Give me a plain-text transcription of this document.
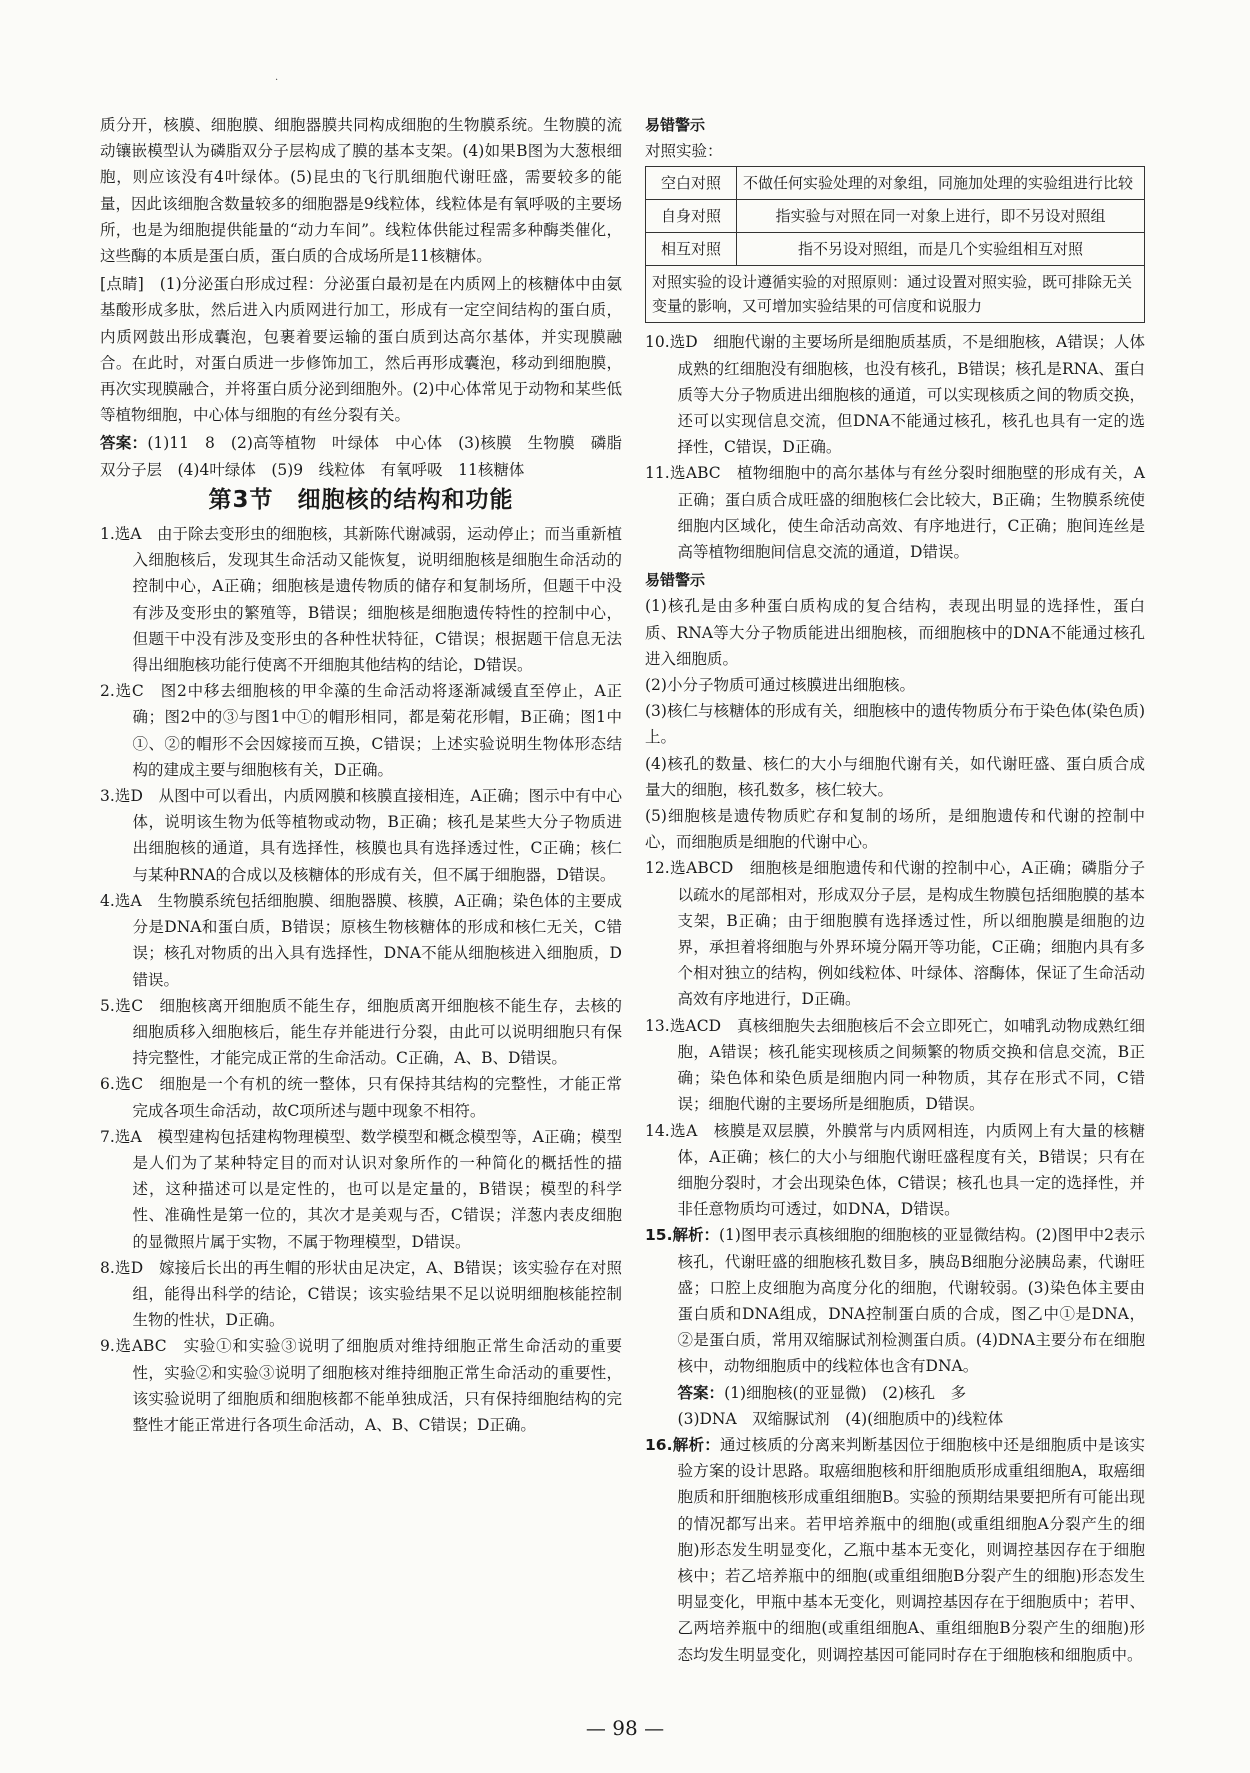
·

质分开，核膜、细胞膜、细胞器膜共同构成细胞的生物膜系统。生物膜的流动镶嵌模型认为磷脂双分子层构成了膜的基本支架。(4)如果B图为大葱根细胞，则应该没有4叶绿体。(5)昆虫的飞行肌细胞代谢旺盛，需要较多的能量，因此该细胞含数量较多的细胞器是9线粒体，线粒体是有氧呼吸的主要场所，也是为细胞提供能量的“动力车间”。线粒体供能过程需多种酶类催化，这些酶的本质是蛋白质，蛋白质的合成场所是11核糖体。

[点睛]　(1)分泌蛋白形成过程：分泌蛋白最初是在内质网上的核糖体中由氨基酸形成多肽，然后进入内质网进行加工，形成有一定空间结构的蛋白质，内质网鼓出形成囊泡，包裹着要运输的蛋白质到达高尔基体，并实现膜融合。在此时，对蛋白质进一步修饰加工，然后再形成囊泡，移动到细胞膜，再次实现膜融合，并将蛋白质分泌到细胞外。(2)中心体常见于动物和某些低等植物细胞，中心体与细胞的有丝分裂有关。

答案：(1)11　8　(2)高等植物　叶绿体　中心体　(3)核膜　生物膜　磷脂双分子层　(4)4叶绿体　(5)9　线粒体　有氧呼吸　11核糖体

第3节　细胞核的结构和功能

1.选A　由于除去变形虫的细胞核，其新陈代谢减弱，运动停止；而当重新植入细胞核后，发现其生命活动又能恢复，说明细胞核是细胞生命活动的控制中心，A正确；细胞核是遗传物质的储存和复制场所，但题干中没有涉及变形虫的繁殖等，B错误；细胞核是细胞遗传特性的控制中心，但题干中没有涉及变形虫的各种性状特征，C错误；根据题干信息无法得出细胞核功能行使离不开细胞其他结构的结论，D错误。

2.选C　图2中移去细胞核的甲伞藻的生命活动将逐渐减缓直至停止，A正确；图2中的③与图1中①的帽形相同，都是菊花形帽，B正确；图1中①、②的帽形不会因嫁接而互换，C错误；上述实验说明生物体形态结构的建成主要与细胞核有关，D正确。

3.选D　从图中可以看出，内质网膜和核膜直接相连，A正确；图示中有中心体，说明该生物为低等植物或动物，B正确；核孔是某些大分子物质进出细胞核的通道，具有选择性，核膜也具有选择透过性，C正确；核仁与某种RNA的合成以及核糖体的形成有关，但不属于细胞器，D错误。

4.选A　生物膜系统包括细胞膜、细胞器膜、核膜，A正确；染色体的主要成分是DNA和蛋白质，B错误；原核生物核糖体的形成和核仁无关，C错误；核孔对物质的出入具有选择性，DNA不能从细胞核进入细胞质，D错误。

5.选C　细胞核离开细胞质不能生存，细胞质离开细胞核不能生存，去核的细胞质移入细胞核后，能生存并能进行分裂，由此可以说明细胞只有保持完整性，才能完成正常的生命活动。C正确，A、B、D错误。

6.选C　细胞是一个有机的统一整体，只有保持其结构的完整性，才能正常完成各项生命活动，故C项所述与题中现象不相符。

7.选A　模型建构包括建构物理模型、数学模型和概念模型等，A正确；模型是人们为了某种特定目的而对认识对象所作的一种简化的概括性的描述，这种描述可以是定性的，也可以是定量的，B错误；模型的科学性、准确性是第一位的，其次才是美观与否，C错误；洋葱内表皮细胞的显微照片属于实物，不属于物理模型，D错误。

8.选D　嫁接后长出的再生帽的形状由足决定，A、B错误；该实验存在对照组，能得出科学的结论，C错误；该实验结果不足以说明细胞核能控制生物的性状，D正确。

9.选ABC　实验①和实验③说明了细胞质对维持细胞正常生命活动的重要性，实验②和实验③说明了细胞核对维持细胞正常生命活动的重要性，该实验说明了细胞质和细胞核都不能单独成活，只有保持细胞结构的完整性才能正常进行各项生命活动，A、B、C错误；D正确。

易错警示

对照实验：

空白对照	不做任何实验处理的对象组，同施加处理的实验组进行比较
自身对照	指实验与对照在同一对象上进行，即不另设对照组
相互对照	指不另设对照组，而是几个实验组相互对照
对照实验的设计遵循实验的对照原则：通过设置对照实验，既可排除无关变量的影响，又可增加实验结果的可信度和说服力	

10.选D　细胞代谢的主要场所是细胞质基质，不是细胞核，A错误；人体成熟的红细胞没有细胞核，也没有核孔，B错误；核孔是RNA、蛋白质等大分子物质进出细胞核的通道，可以实现核质之间的物质交换，还可以实现信息交流，但DNA不能通过核孔，核孔也具有一定的选择性，C错误，D正确。

11.选ABC　植物细胞中的高尔基体与有丝分裂时细胞壁的形成有关，A正确；蛋白质合成旺盛的细胞核仁会比较大，B正确；生物膜系统使细胞内区域化，使生命活动高效、有序地进行，C正确；胞间连丝是高等植物细胞间信息交流的通道，D错误。

易错警示

(1)核孔是由多种蛋白质构成的复合结构，表现出明显的选择性，蛋白质、RNA等大分子物质能进出细胞核，而细胞核中的DNA不能通过核孔进入细胞质。

(2)小分子物质可通过核膜进出细胞核。

(3)核仁与核糖体的形成有关，细胞核中的遗传物质分布于染色体(染色质)上。

(4)核孔的数量、核仁的大小与细胞代谢有关，如代谢旺盛、蛋白质合成量大的细胞，核孔数多，核仁较大。

(5)细胞核是遗传物质贮存和复制的场所，是细胞遗传和代谢的控制中心，而细胞质是细胞的代谢中心。

12.选ABCD　细胞核是细胞遗传和代谢的控制中心，A正确；磷脂分子以疏水的尾部相对，形成双分子层，是构成生物膜包括细胞膜的基本支架，B正确；由于细胞膜有选择透过性，所以细胞膜是细胞的边界，承担着将细胞与外界环境分隔开等功能，C正确；细胞内具有多个相对独立的结构，例如线粒体、叶绿体、溶酶体，保证了生命活动高效有序地进行，D正确。

13.选ACD　真核细胞失去细胞核后不会立即死亡，如哺乳动物成熟红细胞，A错误；核孔能实现核质之间频繁的物质交换和信息交流，B正确；染色体和染色质是细胞内同一种物质，其存在形式不同，C错误；细胞代谢的主要场所是细胞质，D错误。

14.选A　核膜是双层膜，外膜常与内质网相连，内质网上有大量的核糖体，A正确；核仁的大小与细胞代谢旺盛程度有关，B错误；只有在细胞分裂时，才会出现染色体，C错误；核孔也具一定的选择性，并非任意物质均可透过，如DNA，D错误。

15.解析：(1)图甲表示真核细胞的细胞核的亚显微结构。(2)图甲中2表示核孔，代谢旺盛的细胞核孔数目多，胰岛B细胞分泌胰岛素，代谢旺盛；口腔上皮细胞为高度分化的细胞，代谢较弱。(3)染色体主要由蛋白质和DNA组成，DNA控制蛋白质的合成，图乙中①是DNA，②是蛋白质，常用双缩脲试剂检测蛋白质。(4)DNA主要分布在细胞核中，动物细胞质中的线粒体也含有DNA。

答案：(1)细胞核(的亚显微)　(2)核孔　多

(3)DNA　双缩脲试剂　(4)(细胞质中的)线粒体

16.解析：通过核质的分离来判断基因位于细胞核中还是细胞质中是该实验方案的设计思路。取癌细胞核和肝细胞质形成重组细胞A，取癌细胞质和肝细胞核形成重组细胞B。实验的预期结果要把所有可能出现的情况都写出来。若甲培养瓶中的细胞(或重组细胞A分裂产生的细胞)形态发生明显变化，乙瓶中基本无变化，则调控基因存在于细胞核中；若乙培养瓶中的细胞(或重组细胞B分裂产生的细胞)形态发生明显变化，甲瓶中基本无变化，则调控基因存在于细胞质中；若甲、乙两培养瓶中的细胞(或重组细胞A、重组细胞B分裂产生的细胞)形态均发生明显变化，则调控基因可能同时存在于细胞核和细胞质中。

— 98 —
